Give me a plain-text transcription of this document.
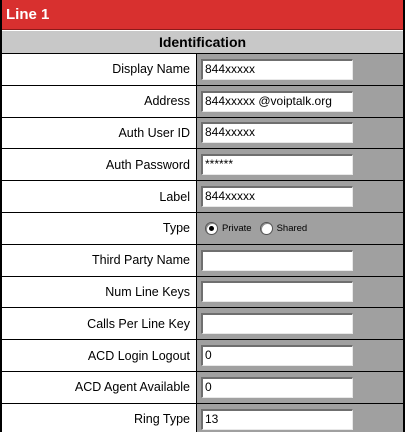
Line 1
Identification
Display Name	844xxxxx
Address	844xxxxx @voiptalk.org
Auth User ID	844xxxxx
Auth Password	******
Label	844xxxxx
Type	Private	Shared
Third Party Name
Num Line Keys
Calls Per Line Key
ACD Login Logout	0
ACD Agent Available	0
Ring Type	13
